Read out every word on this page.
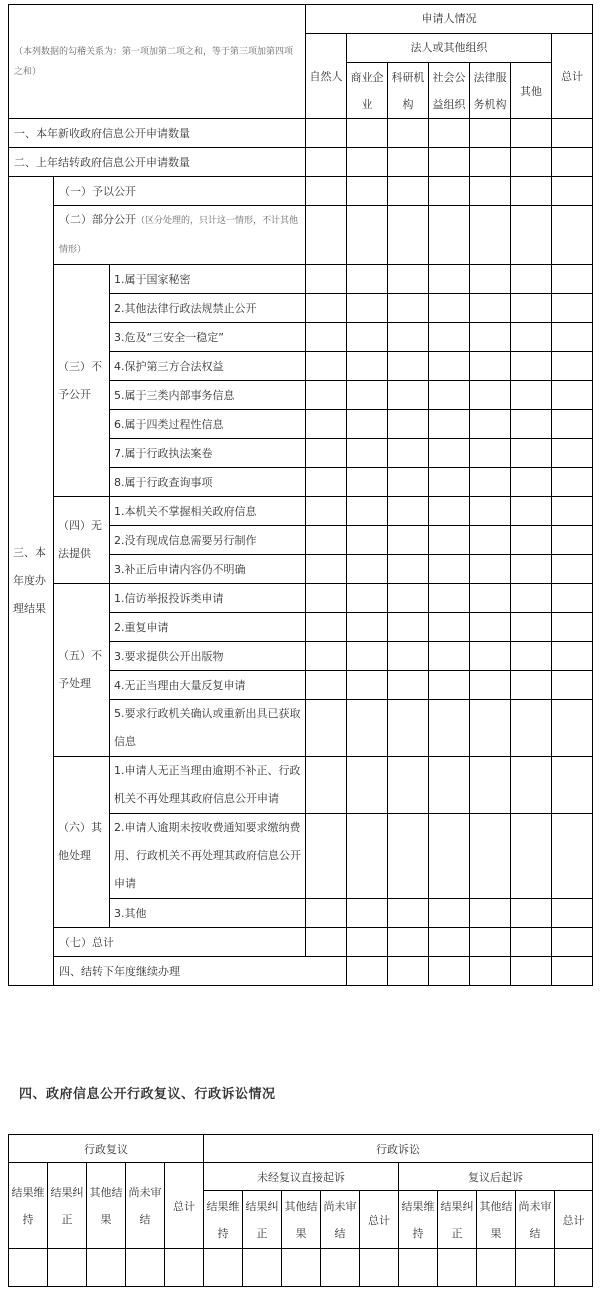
（本列数据的勾稽关系为：第一项加第二项之和，等于第三项加第四项之和）			申请人情况							
			自然人	法人或其他组织					总计	
				商业企业	科研机构	社会公益组织	法律服务机构	其他		

一、本年新收政府信息公开申请数量										
二、上年结转政府信息公开申请数量										
三、本年度办理结果	（一）予以公开									
	（二）部分公开（区分处理的，只计这一情形，不计其他情形）									
	（三）不予公开	1.属于国家秘密								
		2.其他法律行政法规禁止公开								
		3.危及“三安全一稳定”								
		4.保护第三方合法权益								
		5.属于三类内部事务信息								
		6.属于四类过程性信息								
		7.属于行政执法案卷								
		8.属于行政查询事项								
	（四）无法提供	1.本机关不掌握相关政府信息								
		2.没有现成信息需要另行制作								
		3.补正后申请内容仍不明确								
	（五）不予处理	1.信访举报投诉类申请								
		2.重复申请								
		3.要求提供公开出版物								
		4.无正当理由大量反复申请								
		5.要求行政机关确认或重新出具已获取信息								

	（六）其他处理	1.申请人无正当理由逾期不补正、行政机关不再处理其政府信息公开申请								

		2.申请人逾期未按收费通知要求缴纳费用、行政机关不再处理其政府信息公开申请								

		3.其他								
	（七）总计									
	四、结转下年度继续办理									
四、政府信息公开行政复议、行政诉讼情况
行政复议					行政诉讼									
结果维持	结果纠正	其他结果	尚未审结	总计	未经复议直接起诉					复议后起诉				
					结果维持	结果纠正	其他结果	尚未审结	总计	结果维持	结果纠正	其他结果	尚未审结	总计
